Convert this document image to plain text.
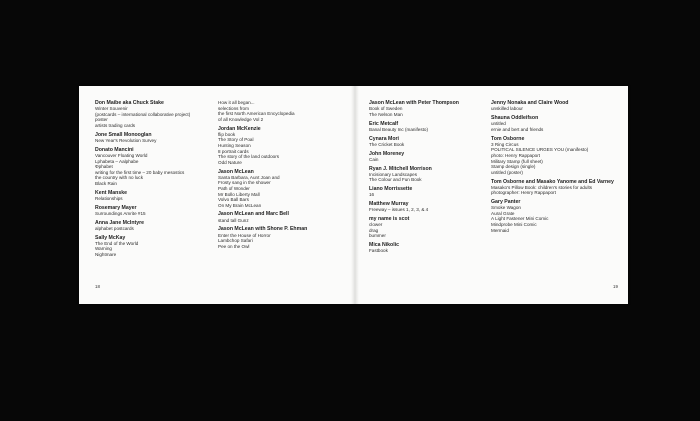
Don Maibe aka Chuck Stake
Winter Souvenir
(postcards – international collaborative project)
poster
artists trading cards
Jone Small Monooglan
New Year's Revolution Survey
Donato Mancini
Vancouver Floating World
Lphabeta – Aalphabe
Φphabet
writing for the first time – 20 baby mesostics
the country with no luck
Black Rain
Kent Manske
Relationships
Rosemary Mayer
Surroundings Amrite #15
Anna Jane McIntyre
alphabet postcards
Sally McKay
The End of the World
Warning
Nightmare
How it all began...
selections from
the first North American Encyclopedia
of all Knowledge Vol 2
Jordan McKenzie
flip book
The Story of Poal
Hunting Season
8 portrait cards
The story of the land outdoors
Odd Nature
Jason McLean
Santa Barbara, Aunt Joan and
Frosty sang in the shower
Path of Wonder
Mr Bollo Liberty Mall
Volvo Ball Bars
On My Brain McLean
Jason McLean and Marc Bell
stand tall Gunz
Jason McLean with Shone P. Ehman
Enter the House of Horror
Lambchop Safari
Pee on the Owl
18
Jason McLean with Peter Thompson
Book of Sweden
The Nelson Man
Eric Metcalf
Banal Beauty Inc (manifesto)
Cynara Mori
The Cricket Book
John Moreney
Cain
Ryan J. Mitchell Morrison
Incisionary Landscapes
The Colour and Fun Book
Liano Morrissette
16
Matthew Murray
Freeway – issues 1, 2, 3, & 4
my name is scot
clower
drag
bummer
Mica Nikolic
Fastbook
Jenny Nonaka and Claire Wood
unskilled labour
Shauna Oddleifson
untitled
ernie and bert and friends
Tom Osborne
3 Ring Circus
POLITICAL SILENCE URGES YOU (manifesto)
photo: Henry Rappaport
Military Stamp (full sheet)
Stamp design (single)
untitled (poster)
Tom Osborne and Masako Yanome and Ed Varney
Masako's Pillow Book: children's stories for adults
photographer: Henry Rappaport
Gary Panter
Smoke Wagon
Aural Grate
A Light Fastener Mini Comic
Mindprobe Mini Comic
Mermaid
19
